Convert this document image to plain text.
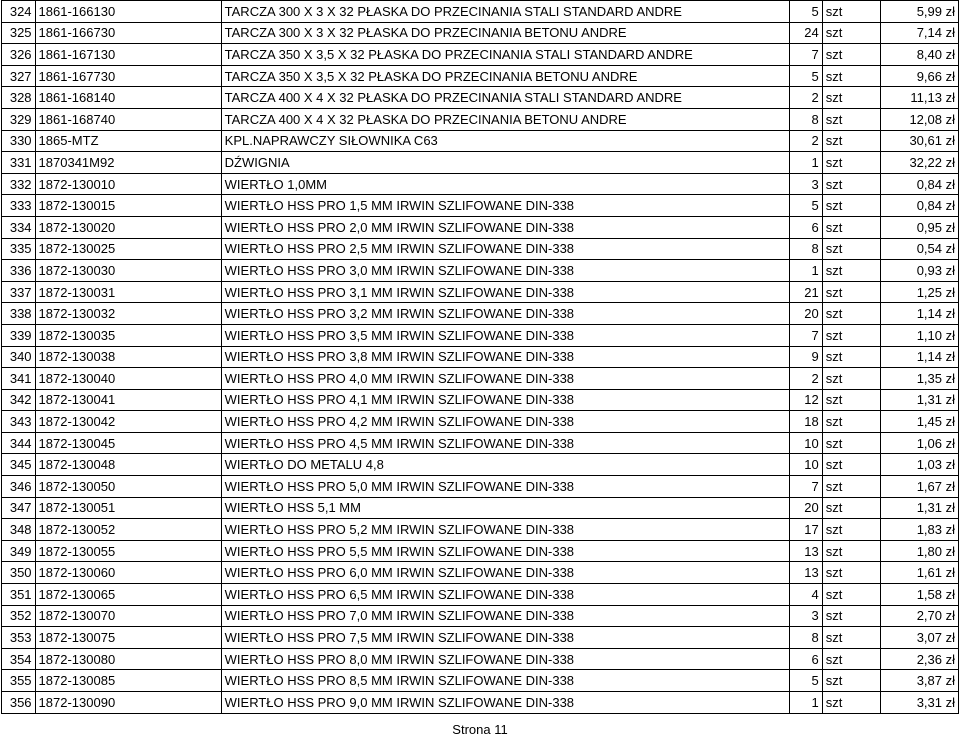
324	1861-166130	TARCZA 300 X 3 X 32 PŁASKA DO PRZECINANIA STALI STANDARD ANDRE	5	szt	5,99 zł
325	1861-166730	TARCZA 300 X 3 X 32 PŁASKA DO PRZECINANIA BETONU ANDRE	24	szt	7,14 zł
326	1861-167130	TARCZA 350 X 3,5 X 32 PŁASKA DO PRZECINANIA STALI STANDARD ANDRE	7	szt	8,40 zł
327	1861-167730	TARCZA 350 X 3,5 X 32 PŁASKA DO PRZECINANIA BETONU ANDRE	5	szt	9,66 zł
328	1861-168140	TARCZA 400 X 4 X 32 PŁASKA DO PRZECINANIA STALI STANDARD ANDRE	2	szt	11,13 zł
329	1861-168740	TARCZA 400 X 4 X 32 PŁASKA DO PRZECINANIA BETONU ANDRE	8	szt	12,08 zł
330	1865-MTZ	KPL.NAPRAWCZY SIŁOWNIKA C63	2	szt	30,61 zł
331	1870341M92	DŹWIGNIA	1	szt	32,22 zł
332	1872-130010	WIERTŁO 1,0MM	3	szt	0,84 zł
333	1872-130015	WIERTŁO HSS PRO 1,5 MM IRWIN SZLIFOWANE DIN-338	5	szt	0,84 zł
334	1872-130020	WIERTŁO HSS PRO 2,0 MM IRWIN SZLIFOWANE DIN-338	6	szt	0,95 zł
335	1872-130025	WIERTŁO HSS PRO 2,5 MM IRWIN SZLIFOWANE DIN-338	8	szt	0,54 zł
336	1872-130030	WIERTŁO HSS PRO 3,0 MM IRWIN SZLIFOWANE DIN-338	1	szt	0,93 zł
337	1872-130031	WIERTŁO HSS PRO 3,1 MM IRWIN SZLIFOWANE DIN-338	21	szt	1,25 zł
338	1872-130032	WIERTŁO HSS PRO 3,2 MM IRWIN SZLIFOWANE DIN-338	20	szt	1,14 zł
339	1872-130035	WIERTŁO HSS PRO 3,5 MM IRWIN SZLIFOWANE DIN-338	7	szt	1,10 zł
340	1872-130038	WIERTŁO HSS PRO 3,8 MM IRWIN SZLIFOWANE DIN-338	9	szt	1,14 zł
341	1872-130040	WIERTŁO HSS PRO 4,0 MM IRWIN SZLIFOWANE DIN-338	2	szt	1,35 zł
342	1872-130041	WIERTŁO HSS PRO 4,1 MM IRWIN SZLIFOWANE DIN-338	12	szt	1,31 zł
343	1872-130042	WIERTŁO HSS PRO 4,2 MM IRWIN SZLIFOWANE DIN-338	18	szt	1,45 zł
344	1872-130045	WIERTŁO HSS PRO 4,5 MM IRWIN SZLIFOWANE DIN-338	10	szt	1,06 zł
345	1872-130048	WIERTŁO DO METALU 4,8	10	szt	1,03 zł
346	1872-130050	WIERTŁO HSS PRO 5,0 MM IRWIN SZLIFOWANE DIN-338	7	szt	1,67 zł
347	1872-130051	WIERTŁO HSS 5,1 MM	20	szt	1,31 zł
348	1872-130052	WIERTŁO HSS PRO 5,2 MM IRWIN SZLIFOWANE DIN-338	17	szt	1,83 zł
349	1872-130055	WIERTŁO HSS PRO 5,5 MM IRWIN SZLIFOWANE DIN-338	13	szt	1,80 zł
350	1872-130060	WIERTŁO HSS PRO 6,0 MM IRWIN SZLIFOWANE DIN-338	13	szt	1,61 zł
351	1872-130065	WIERTŁO HSS PRO 6,5 MM IRWIN SZLIFOWANE DIN-338	4	szt	1,58 zł
352	1872-130070	WIERTŁO HSS PRO 7,0 MM IRWIN SZLIFOWANE DIN-338	3	szt	2,70 zł
353	1872-130075	WIERTŁO HSS PRO 7,5 MM IRWIN SZLIFOWANE DIN-338	8	szt	3,07 zł
354	1872-130080	WIERTŁO HSS PRO 8,0 MM IRWIN SZLIFOWANE DIN-338	6	szt	2,36 zł
355	1872-130085	WIERTŁO HSS PRO 8,5 MM IRWIN SZLIFOWANE DIN-338	5	szt	3,87 zł
356	1872-130090	WIERTŁO HSS PRO 9,0 MM IRWIN SZLIFOWANE DIN-338	1	szt	3,31 zł
Strona 11
